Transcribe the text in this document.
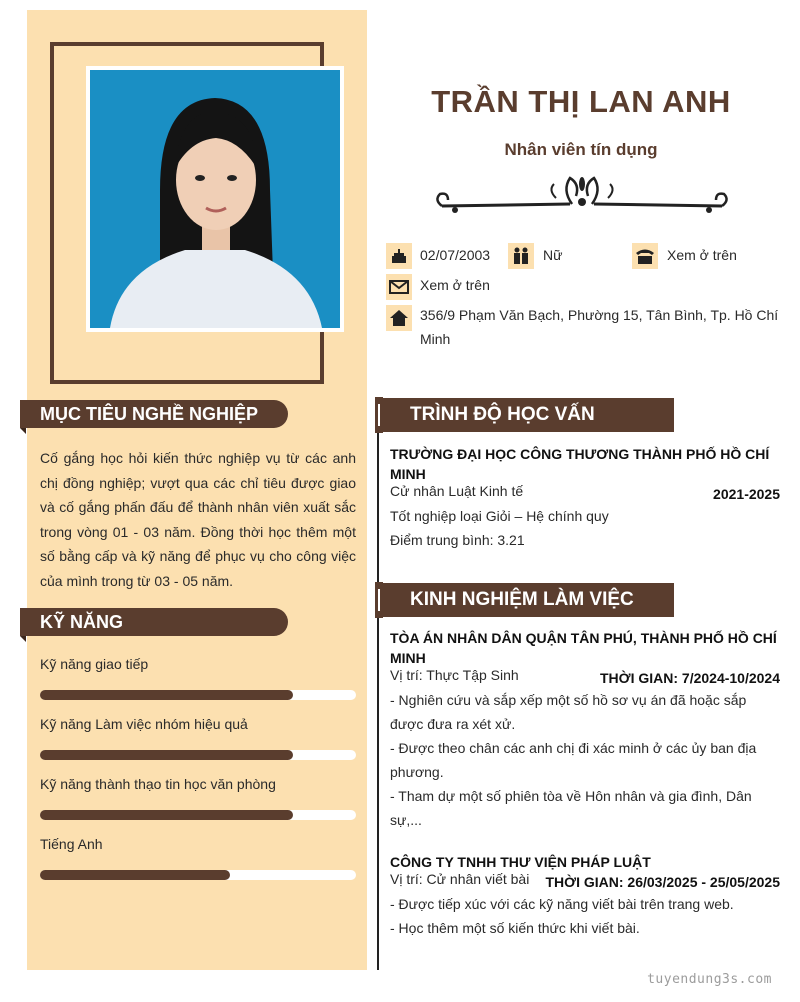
MỤC TIÊU NGHỀ NGHIỆP
Cố gắng học hỏi kiến thức nghiệp vụ từ các anh chị đồng nghiệp; vượt qua các chỉ tiêu được giao và cố gắng phấn đấu để thành nhân viên xuất sắc trong vòng 01 - 03 năm. Đồng thời học thêm một số bằng cấp và kỹ năng để phục vụ cho công việc của mình trong từ 03 - 05 năm.
KỸ NĂNG
Kỹ năng giao tiếp
Kỹ năng Làm việc nhóm hiệu quả
Kỹ năng thành thạo tin học văn phòng
Tiếng Anh
TRẦN THỊ LAN ANH
Nhân viên tín dụng
02/07/2003	Nữ	Xem ở trên
Xem ở trên
356/9 Phạm Văn Bạch, Phường 15, Tân Bình, Tp. Hồ Chí Minh
TRÌNH ĐỘ HỌC VẤN
TRƯỜNG ĐẠI HỌC CÔNG THƯƠNG THÀNH PHỐ HỒ CHÍ MINH
Cử nhân Luật Kinh tế	2021-2025
Tốt nghiệp loại Giỏi – Hệ chính quy
Điểm trung bình: 3.21
KINH NGHIỆM LÀM VIỆC
TÒA ÁN NHÂN DÂN QUẬN TÂN PHÚ, THÀNH PHỐ HỒ CHÍ MINH
Vị trí: Thực Tập Sinh	THỜI GIAN: 7/2024-10/2024
- Nghiên cứu và sắp xếp một số hồ sơ vụ án đã hoặc sắp được đưa ra xét xử.
- Được theo chân các anh chị đi xác minh ở các ủy ban địa phương.
- Tham dự một số phiên tòa về Hôn nhân và gia đình, Dân sự,...
CÔNG TY TNHH THƯ VIỆN PHÁP LUẬT
Vị trí: Cử nhân viết bài THỜI GIAN: 26/03/2025 - 25/05/2025
- Được tiếp xúc với các kỹ năng viết bài trên trang web.
- Học thêm một số kiến thức khi viết bài.
tuyendung3s.com
